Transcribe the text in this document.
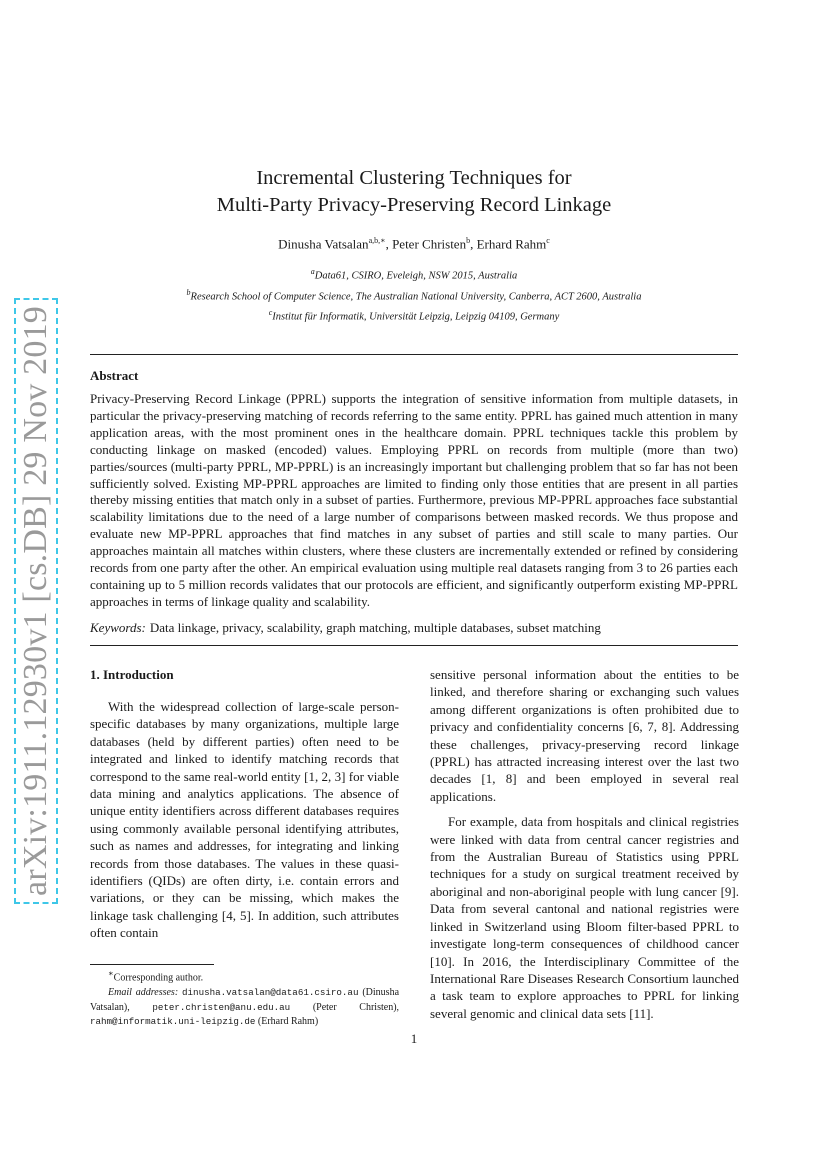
arXiv:1911.12930v1 [cs.DB] 29 Nov 2019
Incremental Clustering Techniques for
Multi-Party Privacy-Preserving Record Linkage
Dinusha Vatsalan$^{a,b,∗}$, Peter Christen$^b$, Erhard Rahm$^c$
$^a$Data61, CSIRO, Eveleigh, NSW 2015, Australia
$^b$Research School of Computer Science, The Australian National University, Canberra, ACT 2600, Australia
$^c$Institut für Informatik, Universität Leipzig, Leipzig 04109, Germany
Abstract

Privacy-Preserving Record Linkage (PPRL) supports the integration of sensitive information from multiple datasets, in particular the privacy-preserving matching of records referring to the same entity. PPRL has gained much attention in many application areas, with the most prominent ones in the healthcare domain. PPRL techniques tackle this problem by conducting linkage on masked (encoded) values. Employing PPRL on records from multiple (more than two) parties/sources (multi-party PPRL, MP-PPRL) is an increasingly important but challenging problem that so far has not been sufficiently solved. Existing MP-PPRL approaches are limited to finding only those entities that are present in all parties thereby missing entities that match only in a subset of parties. Furthermore, previous MP-PPRL approaches face substantial scalability limitations due to the need of a large number of comparisons between masked records. We thus propose and evaluate new MP-PPRL approaches that find matches in any subset of parties and still scale to many parties. Our approaches maintain all matches within clusters, where these clusters are incrementally extended or refined by considering records from one party after the other. An empirical evaluation using multiple real datasets ranging from 3 to 26 parties each containing up to 5 million records validates that our protocols are efficient, and significantly outperform existing MP-PPRL approaches in terms of linkage quality and scalability.

Keywords: Data linkage, privacy, scalability, graph matching, multiple databases, subset matching
1. Introduction

With the widespread collection of large-scale person-specific databases by many organizations, multiple large databases (held by different parties) often need to be integrated and linked to identify matching records that correspond to the same real-world entity [1, 2, 3] for viable data mining and analytics applications. The absence of unique entity identifiers across different databases requires using commonly available personal identifying attributes, such as names and addresses, for integrating and linking records from those databases. The values in these quasi-identifiers (QIDs) are often dirty, i.e. contain errors and variations, or they can be missing, which makes the linkage task challenging [4, 5]. In addition, such attributes often contain

sensitive personal information about the entities to be linked, and therefore sharing or exchanging such values among different organizations is often prohibited due to privacy and confidentiality concerns [6, 7, 8]. Addressing these challenges, privacy-preserving record linkage (PPRL) has attracted increasing interest over the last two decades [1, 8] and been employed in several real applications.

For example, data from hospitals and clinical registries were linked with data from central cancer registries and from the Australian Bureau of Statistics using PPRL techniques for a study on surgical treatment received by aboriginal and non-aboriginal people with lung cancer [9]. Data from several cantonal and national registries were linked in Switzerland using Bloom filter-based PPRL to investigate long-term consequences of childhood cancer [10]. In 2016, the Interdisciplinary Committee of the International Rare Diseases Research Consortium launched a task team to explore approaches to PPRL for linking several genomic and clinical data sets [11].

∗Corresponding author.

Email addresses: dinusha.vatsalan@data61.csiro.au (Dinusha Vatsalan), peter.christen@anu.edu.au (Peter Christen), rahm@informatik.uni-leipzig.de (Erhard Rahm)

1
